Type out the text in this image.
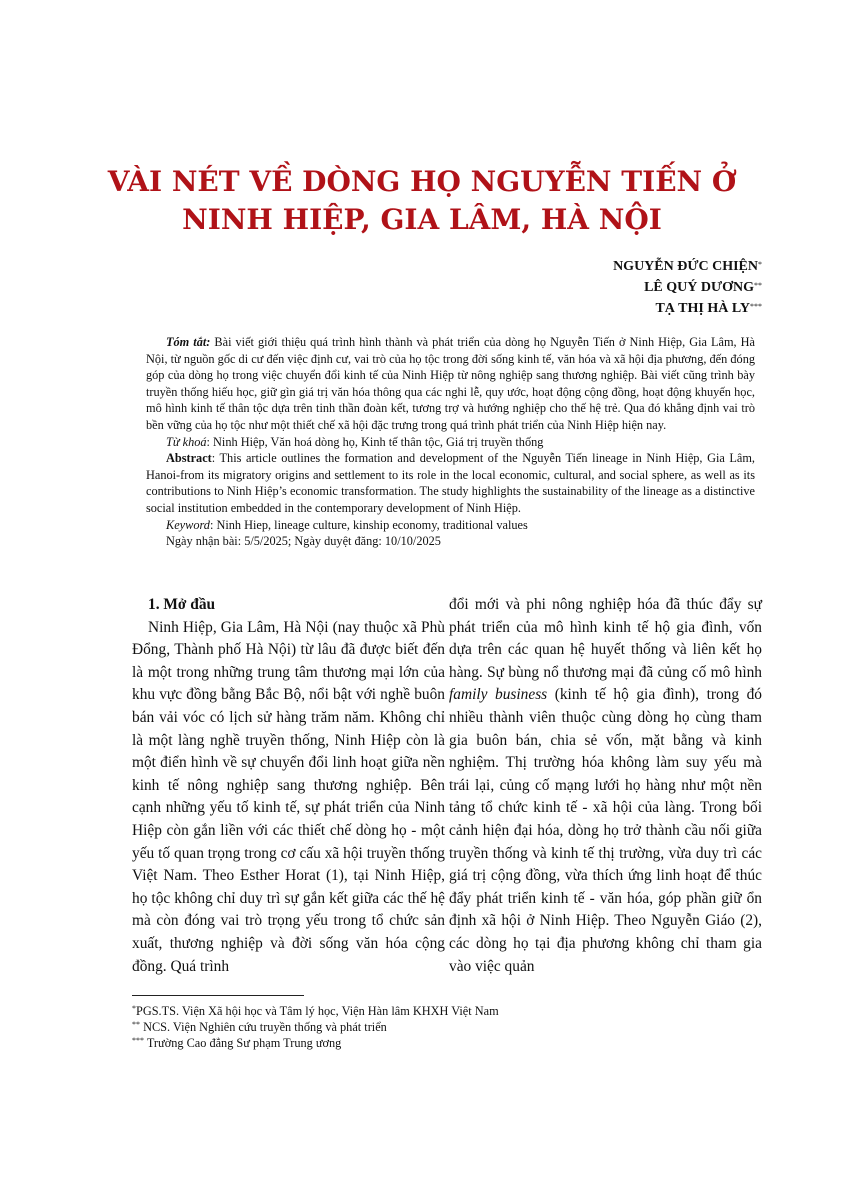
VÀI NÉT VỀ DÒNG HỌ NGUYỄN TIẾN Ở
NINH HIỆP, GIA LÂM, HÀ NỘI
NGUYỄN ĐỨC CHIỆN*
LÊ QUÝ DƯƠNG**
TẠ THỊ HÀ LY***

Tóm tắt: Bài viết giới thiệu quá trình hình thành và phát triển của dòng họ Nguyễn Tiến ở Ninh Hiệp, Gia Lâm, Hà Nội, từ nguồn gốc di cư đến việc định cư, vai trò của họ tộc trong đời sống kinh tế, văn hóa và xã hội địa phương, đến đóng góp của dòng họ trong việc chuyển đổi kinh tế của Ninh Hiệp từ nông nghiệp sang thương nghiệp. Bài viết cũng trình bày truyền thống hiếu học, giữ gìn giá trị văn hóa thông qua các nghi lễ, quy ước, hoạt động cộng đồng, hoạt động khuyến học, mô hình kinh tế thân tộc dựa trên tinh thần đoàn kết, tương trợ và hướng nghiệp cho thế hệ trẻ. Qua đó khẳng định vai trò bền vững của họ tộc như một thiết chế xã hội đặc trưng trong quá trình phát triển của Ninh Hiệp hiện nay.

Từ khoá: Ninh Hiệp, Văn hoá dòng họ, Kinh tế thân tộc, Giá trị truyền thống

Abstract: This article outlines the formation and development of the Nguyễn Tiến lineage in Ninh Hiệp, Gia Lâm, Hanoi-from its migratory origins and settlement to its role in the local economic, cultural, and social sphere, as well as its contributions to Ninh Hiệp’s economic transformation. The study highlights the sustainability of the lineage as a distinctive social institution embedded in the contemporary development of Ninh Hiệp.

Keyword: Ninh Hiep, lineage culture, kinship economy, traditional values

Ngày nhận bài: 5/5/2025; Ngày duyệt đăng: 10/10/2025

1. Mở đầu

Ninh Hiệp, Gia Lâm, Hà Nội (nay thuộc xã Phù Đổng, Thành phố Hà Nội) từ lâu đã được biết đến là một trong những trung tâm thương mại lớn của khu vực đồng bằng Bắc Bộ, nổi bật với nghề buôn bán vải vóc có lịch sử hàng trăm năm. Không chỉ là một làng nghề truyền thống, Ninh Hiệp còn là một điển hình về sự chuyển đổi linh hoạt giữa nền kinh tế nông nghiệp sang thương nghiệp. Bên cạnh những yếu tố kinh tế, sự phát triển của Ninh Hiệp còn gắn liền với các thiết chế dòng họ - một yếu tố quan trọng trong cơ cấu xã hội truyền thống Việt Nam. Theo Esther Horat (1), tại Ninh Hiệp, họ tộc không chỉ duy trì sự gắn kết giữa các thế hệ mà còn đóng vai trò trọng yếu trong tổ chức sản xuất, thương nghiệp và đời sống văn hóa cộng đồng. Quá trình

đổi mới và phi nông nghiệp hóa đã thúc đẩy sự phát triển của mô hình kinh tế hộ gia đình, vốn dựa trên các quan hệ huyết thống và liên kết họ hàng. Sự bùng nổ thương mại đã củng cố mô hình family business (kinh tế hộ gia đình), trong đó nhiều thành viên thuộc cùng dòng họ cùng tham gia buôn bán, chia sẻ vốn, mặt bằng và kinh nghiệm. Thị trường hóa không làm suy yếu mà trái lại, củng cố mạng lưới họ hàng như một nền tảng tổ chức kinh tế - xã hội của làng. Trong bối cảnh hiện đại hóa, dòng họ trở thành cầu nối giữa truyền thống và kinh tế thị trường, vừa duy trì các giá trị cộng đồng, vừa thích ứng linh hoạt để thúc đẩy phát triển kinh tế - văn hóa, góp phần giữ ổn định xã hội ở Ninh Hiệp. Theo Nguyễn Giáo (2), các dòng họ tại địa phương không chỉ tham gia vào việc quản

*PGS.TS. Viện Xã hội học và Tâm lý học, Viện Hàn lâm KHXH Việt Nam
** NCS. Viện Nghiên cứu truyền thống và phát triển
*** Trường Cao đẳng Sư phạm Trung ương
